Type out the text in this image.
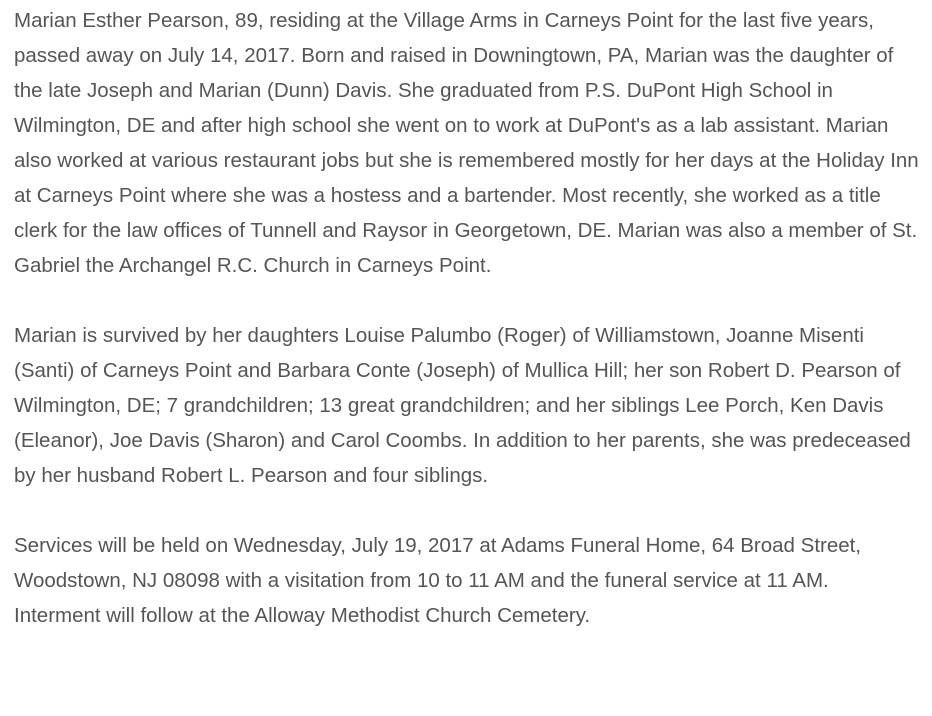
Marian Esther Pearson, 89, residing at the Village Arms in Carneys Point for the last five years, passed away on July 14, 2017. Born and raised in Downingtown, PA, Marian was the daughter of the late Joseph and Marian (Dunn) Davis. She graduated from P.S. DuPont High School in Wilmington, DE and after high school she went on to work at DuPont's as a lab assistant. Marian also worked at various restaurant jobs but she is remembered mostly for her days at the Holiday Inn at Carneys Point where she was a hostess and a bartender. Most recently, she worked as a title clerk for the law offices of Tunnell and Raysor in Georgetown, DE. Marian was also a member of St. Gabriel the Archangel R.C. Church in Carneys Point.

Marian is survived by her daughters Louise Palumbo (Roger) of Williamstown, Joanne Misenti (Santi) of Carneys Point and Barbara Conte (Joseph) of Mullica Hill; her son Robert D. Pearson of Wilmington, DE; 7 grandchildren; 13 great grandchildren; and her siblings Lee Porch, Ken Davis (Eleanor), Joe Davis (Sharon) and Carol Coombs. In addition to her parents, she was predeceased by her husband Robert L. Pearson and four siblings.

Services will be held on Wednesday, July 19, 2017 at Adams Funeral Home, 64 Broad Street, Woodstown, NJ 08098 with a visitation from 10 to 11 AM and the funeral service at 11 AM. Interment will follow at the Alloway Methodist Church Cemetery.
